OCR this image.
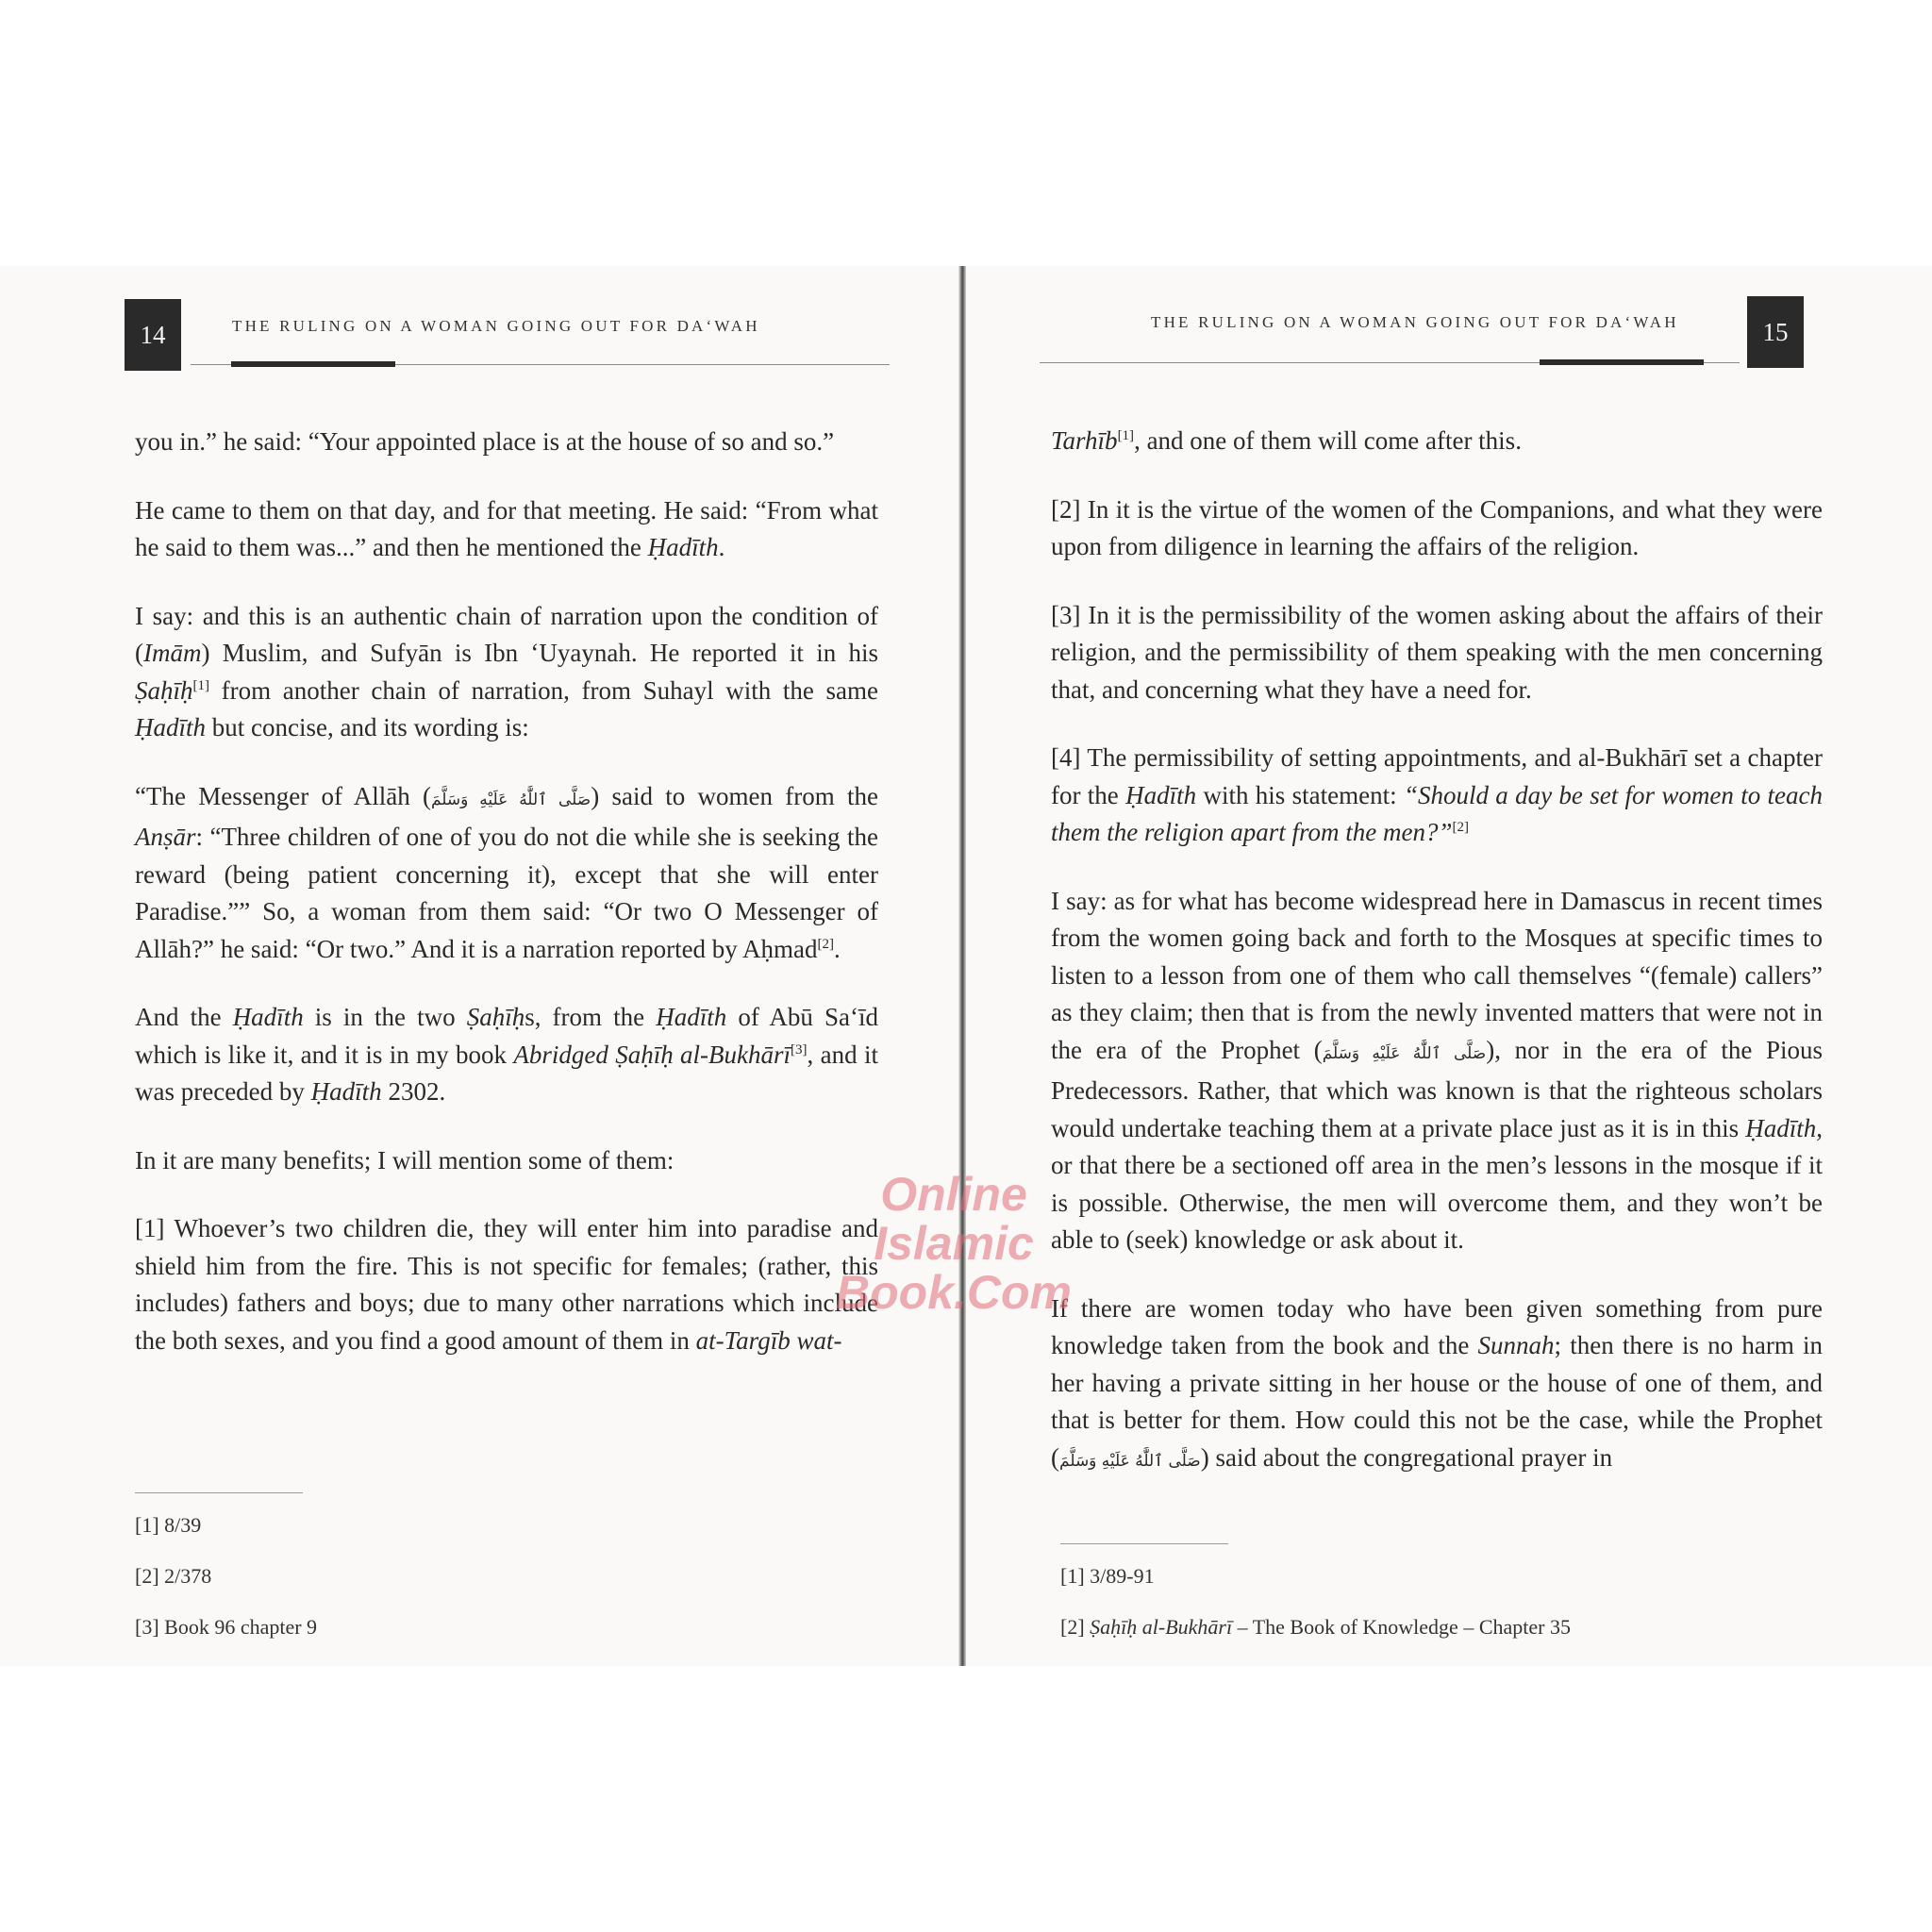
14	THE RULING ON A WOMAN GOING OUT FOR DA‘WAH

you in.” he said: “Your appointed place is at the house of so and so.”

He came to them on that day, and for that meeting. He said: “From what he said to them was...” and then he mentioned the Ḥadīth.

I say: and this is an authentic chain of narration upon the condition of (Imām) Muslim, and Sufyān is Ibn ‘Uyaynah. He reported it in his Ṣaḥīḥ[1] from another chain of narration, from Suhayl with the same Ḥadīth but concise, and its wording is:

“The Messenger of Allāh (صَلَّى ٱللَّٰهُ عَلَيْهِ وَسَلَّمَ) said to women from the Anṣār: “Three children of one of you do not die while she is seeking the reward (being patient concerning it), except that she will enter Paradise.”” So, a woman from them said: “Or two O Messenger of Allāh?” he said: “Or two.” And it is a narration reported by Aḥmad[2].

And the Ḥadīth is in the two Ṣaḥīḥs, from the Ḥadīth of Abū Sa‘īd which is like it, and it is in my book Abridged Ṣaḥīḥ al-Bukhārī[3], and it was preceded by Ḥadīth 2302.

In it are many benefits; I will mention some of them:

[1] Whoever’s two children die, they will enter him into paradise and shield him from the fire. This is not specific for females; (rather, this includes) fathers and boys; due to many other narrations which include the both sexes, and you find a good amount of them in at-Targīb wat-

[1] 8/39
[2] 2/378
[3] Book 96 chapter 9
15
THE RULING ON A WOMAN GOING OUT FOR DA‘WAH

Tarhīb[1], and one of them will come after this.

[2] In it is the virtue of the women of the Companions, and what they were upon from diligence in learning the affairs of the religion.

[3] In it is the permissibility of the women asking about the affairs of their religion, and the permissibility of them speaking with the men concerning that, and concerning what they have a need for.

[4] The permissibility of setting appointments, and al-Bukhārī set a chapter for the Ḥadīth with his statement: “Should a day be set for women to teach them the religion apart from the men?”[2]

I say: as for what has become widespread here in Damascus in recent times from the women going back and forth to the Mosques at specific times to listen to a lesson from one of them who call themselves “(female) callers” as they claim; then that is from the newly invented matters that were not in the era of the Prophet (صَلَّى ٱللَّٰهُ عَلَيْهِ وَسَلَّمَ), nor in the era of the Pious Predecessors. Rather, that which was known is that the righteous scholars would undertake teaching them at a private place just as it is in this Ḥadīth, or that there be a sectioned off area in the men’s lessons in the mosque if it is possible. Otherwise, the men will overcome them, and they won’t be able to (seek) knowledge or ask about it.

If there are women today who have been given something from pure knowledge taken from the book and the Sunnah; then there is no harm in her having a private sitting in her house or the house of one of them, and that is better for them. How could this not be the case, while the Prophet (صَلَّى ٱللَّٰهُ عَلَيْهِ وَسَلَّمَ) said about the congregational prayer in

[1] 3/89-91
[2] Ṣaḥīḥ al-Bukhārī – The Book of Knowledge – Chapter 35
Online Islamic
Book.Com
